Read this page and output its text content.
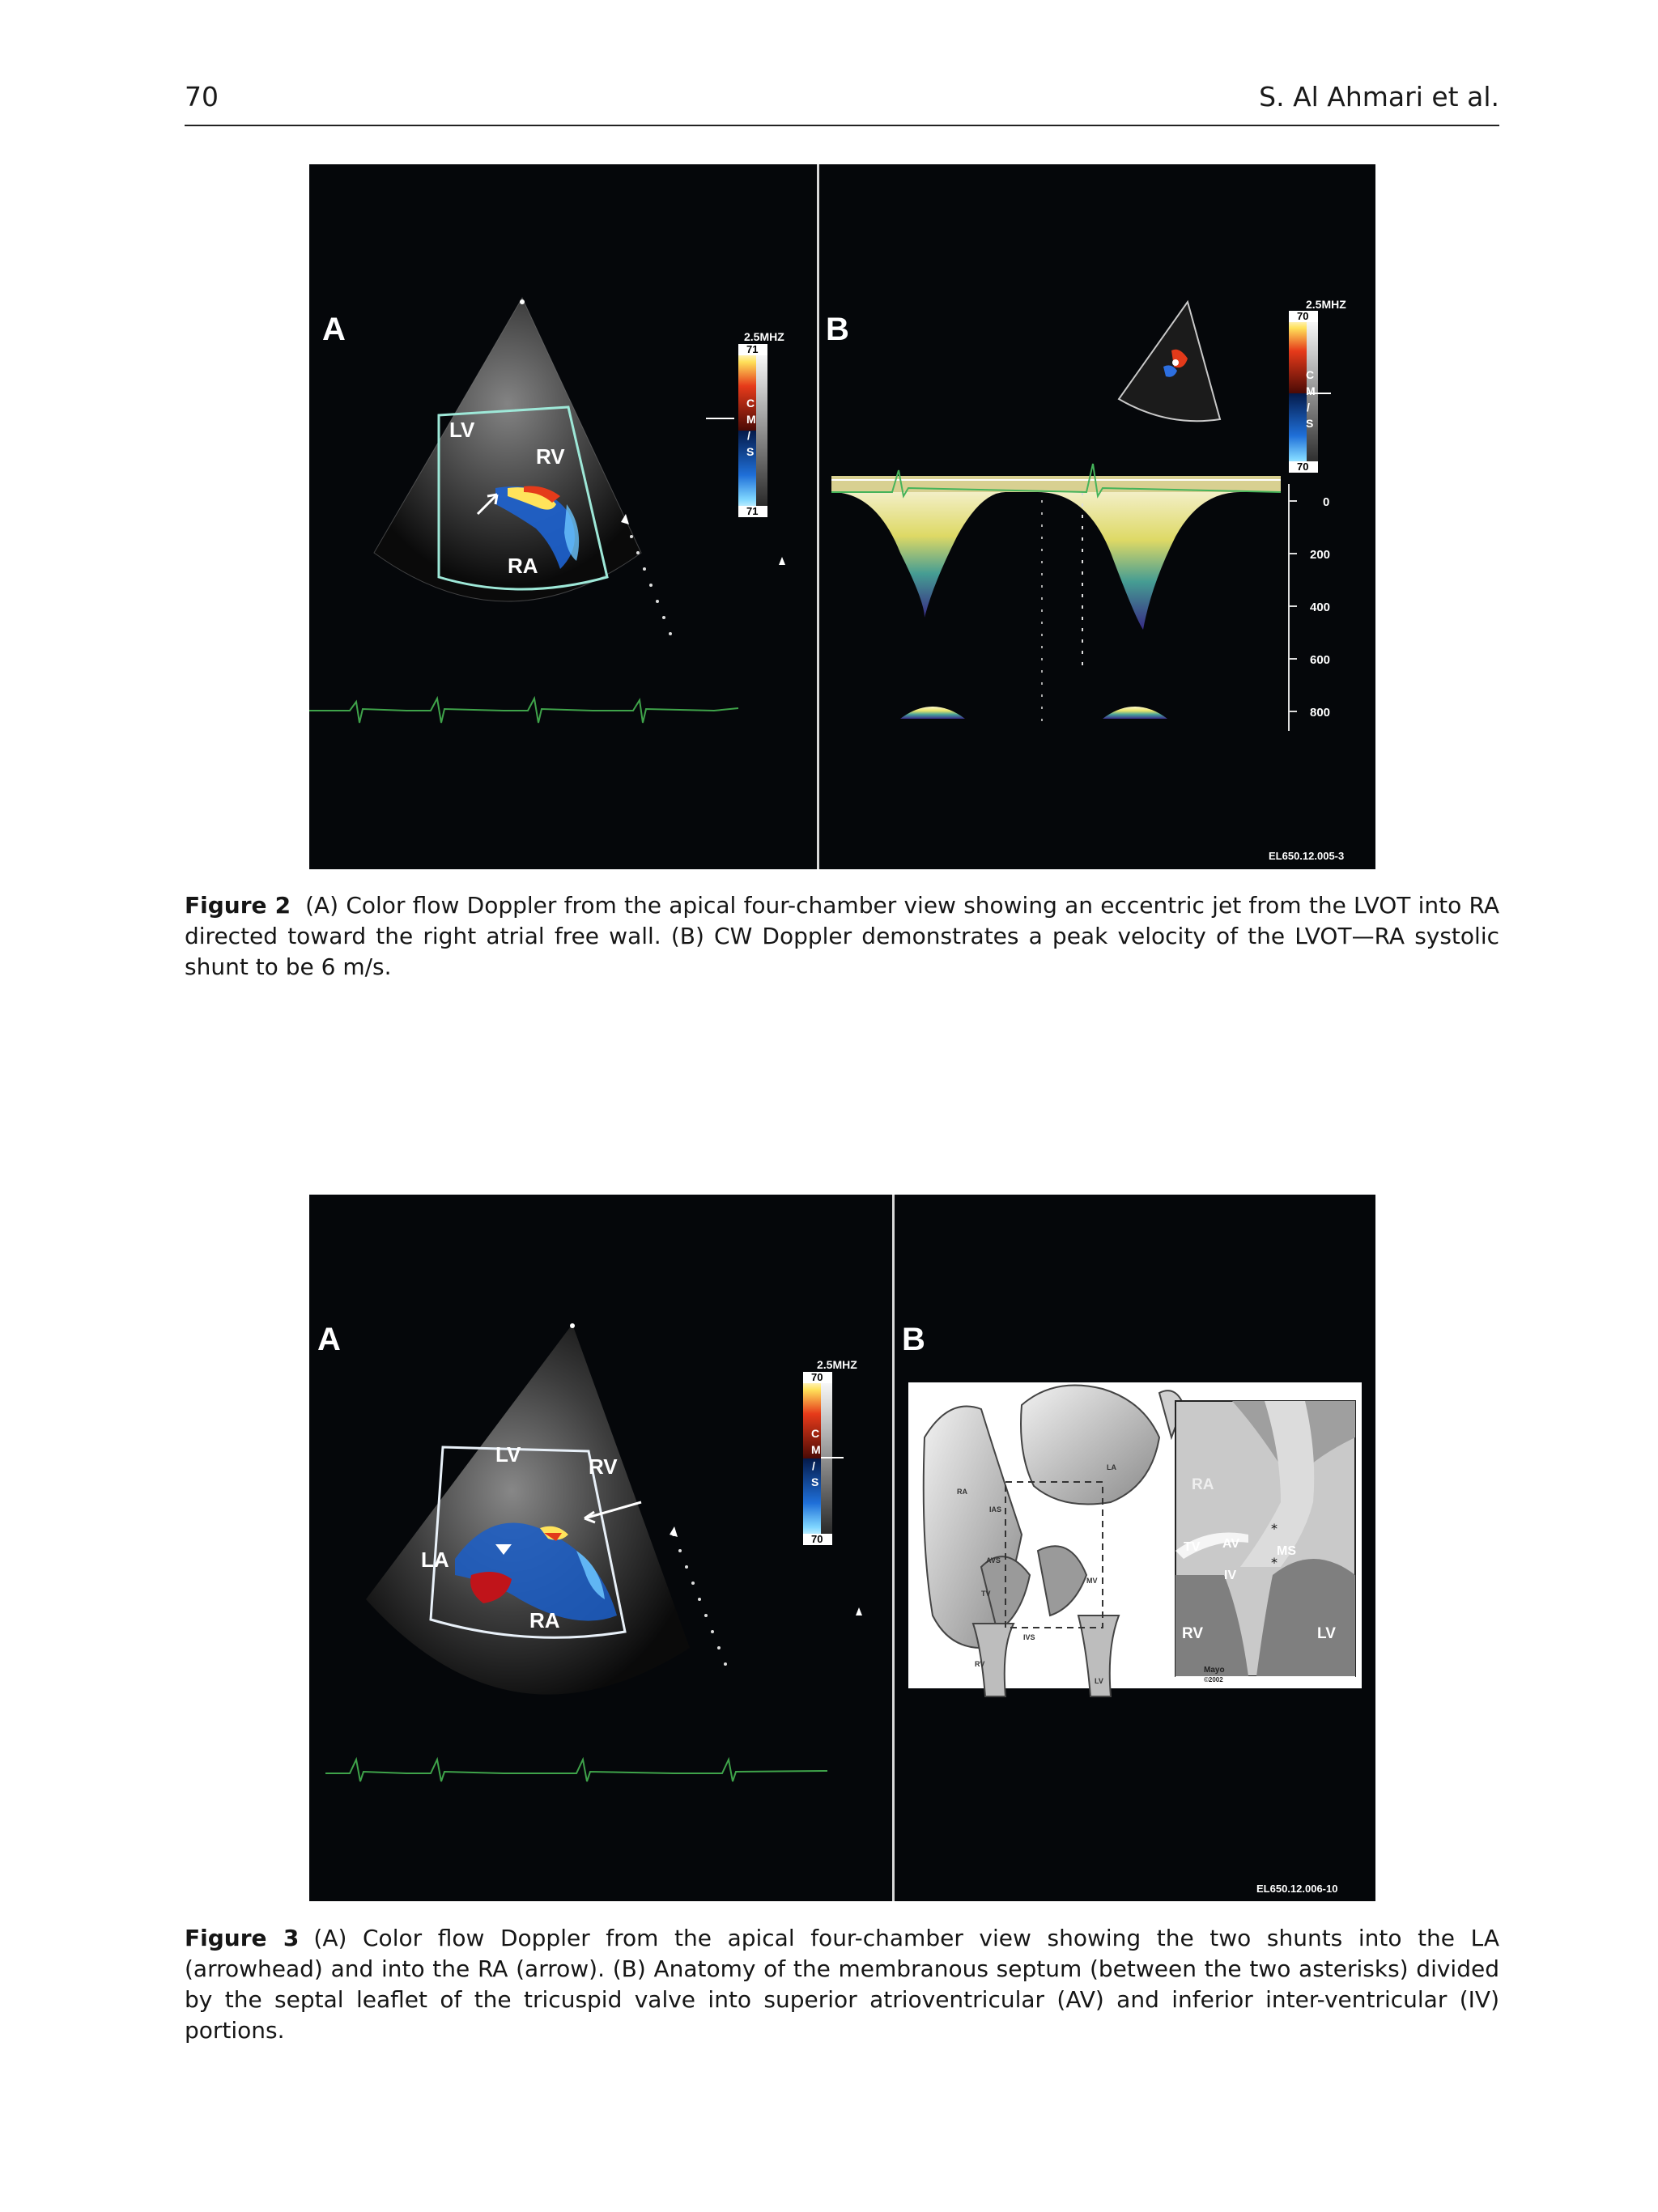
70	S. Al Ahmari et al.
A	2.5MHZ
71
71
C
M
/
S
LV
RV
RA
B
2.5MHZ
70
70
C
M
/
S
0
200
400
600
800
EL650.12.005-3
Figure 2 (A) Color flow Doppler from the apical four-chamber view showing an eccentric jet from the LVOT into RA directed toward the right atrial free wall. (B) CW Doppler demonstrates a peak velocity of the LVOT—RA systolic shunt to be 6 m/s.
A
2.5MHZ
70
70
C
M
/
S
LV	RV
LA
RA
B
RA
IAS
AVS
LA
TV
MV
IVS
RV
LV
RA
TV AV
IV
MS
RV	LV
Mayo
©2002
EL650.12.006-10
*
*
Figure 3 (A) Color flow Doppler from the apical four-chamber view showing the two shunts into the LA (arrowhead) and into the RA (arrow). (B) Anatomy of the membranous septum (between the two asterisks) divided by the septal leaflet of the tricuspid valve into superior atrioventricular (AV) and inferior inter-ventricular (IV) portions.
